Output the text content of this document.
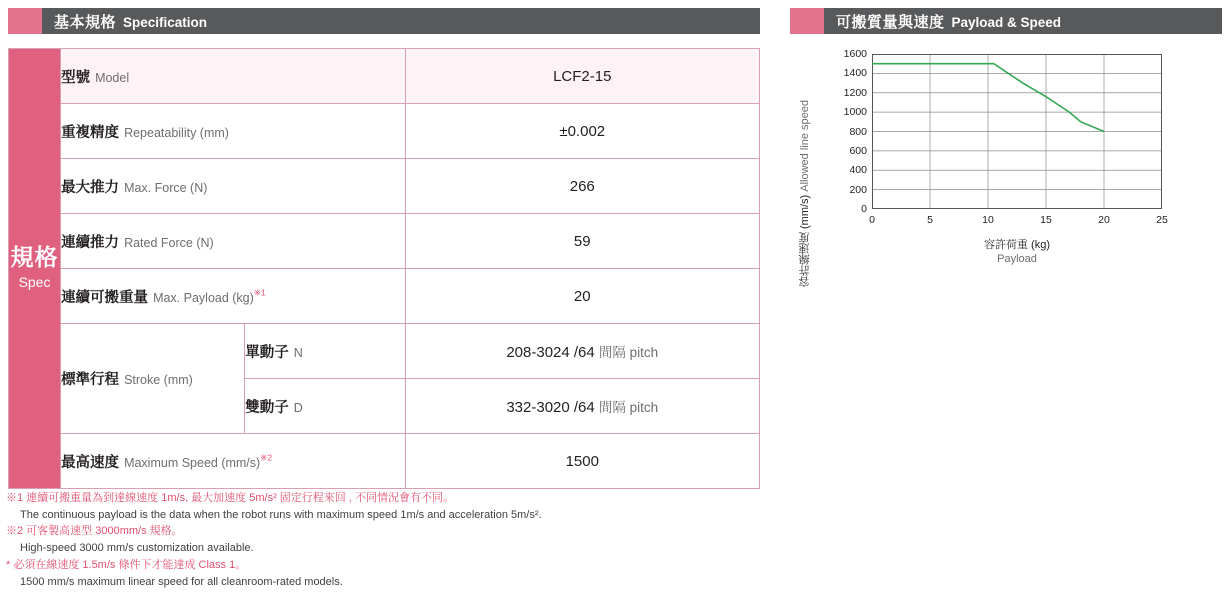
基本規格 Specification	可搬質量與速度 Payload & Speed
規格
Spec	型號 Model		LCF2-15
	重複精度 Repeatability (mm)		±0.002
	最大推力 Max. Force (N)		266
	連續推力 Rated Force (N)		59
	連續可搬重量 Max. Payload (kg)$^{※1}$		20
	標準行程 Stroke (mm)	單動子 N	208-3024 /64 間隔 pitch
		雙動子 D	332-3020 /64 間隔 pitch
	最高速度 Maximum Speed $(mm/s)^{※2}$		1500
※1 連續可搬重量為到達線速度 1m/s, 最大加速度 5m/s² 固定行程來回 , 不同情況會有不同。
The continuous payload is the data when the robot runs with maximum speed 1m/s and acceleration 5m/s².
※2 可客製高速型 3000mm/s 規格。
High-speed 3000 mm/s customization available.
* 必須在線速度 1.5m/s 條件下才能達成 Class 1。
1500 mm/s maximum linear speed for all cleanroom-rated models.
容許線速度 (mm/s) Allowed line speed
0
200
400
600
800
1000
1200
1400
1600
0	5	10	15	20	25
容許荷重 (kg)
Payload
